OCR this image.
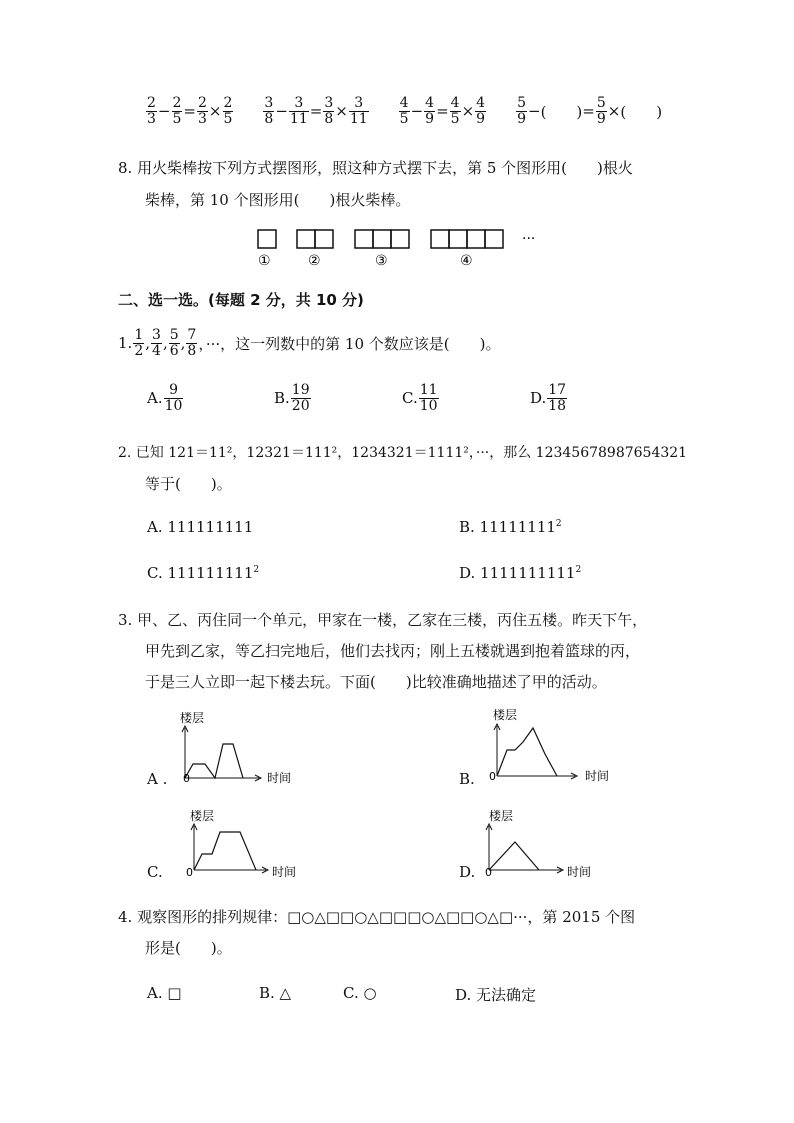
$\frac{2}{3} - \frac{2}{5} = \frac{2}{3} \times \frac{2}{5} \frac{3}{8} - \frac{3}{11} = \frac{3}{8} \times \frac{3}{11} \frac{4}{5} - \frac{4}{9} = \frac{4}{5} \times \frac{4}{9} \frac{5}{9}$ − (　　) = $\frac{5}{9}$ × (　　)
8. 用火柴棒按下列方式摆图形，照这种方式摆下去，第 5 个图形用(　　)根火
柴棒，第 10 个图形用(　　)根火柴棒。
①	②	③	④
···
二、选一选。(每题 2 分，共 10 分)
1. $\frac{1}{2}$ , $\frac{3}{4}$ , $\frac{5}{6}$ , $\frac{7}{8}$ ，···，这一列数中的第 10 个数应该是(　　)。
A. $\frac{9}{10}$	B. $\frac{19}{20}$	C. $\frac{11}{10}$	D. $\frac{17}{18}$
2. 已知 121＝11²，12321＝111²，1234321＝1111²，···，那么 12345678987654321
等于(　　)。
A. 111111111	B. 11111111$^2$
C. 111111111$^2$	D. 1111111111$^2$
3. 甲、乙、丙住同一个单元，甲家在一楼，乙家在三楼，丙住五楼。昨天下午，
甲先到乙家，等乙扫完地后，他们去找丙；刚上五楼就遇到抱着篮球的丙，
于是三人立即一起下楼去玩。下面(　　)比较准确地描述了甲的活动。
A .
楼层
0	时间	B.
楼层
0	时间
C.
楼层
0	时间	D.
楼层
0	时间
4. 观察图形的排列规律：□○△□□○△□□□○△□□○△□···，第 2015 个图
形是(　　)。
A. □	B. △	C. ○	D. 无法确定
